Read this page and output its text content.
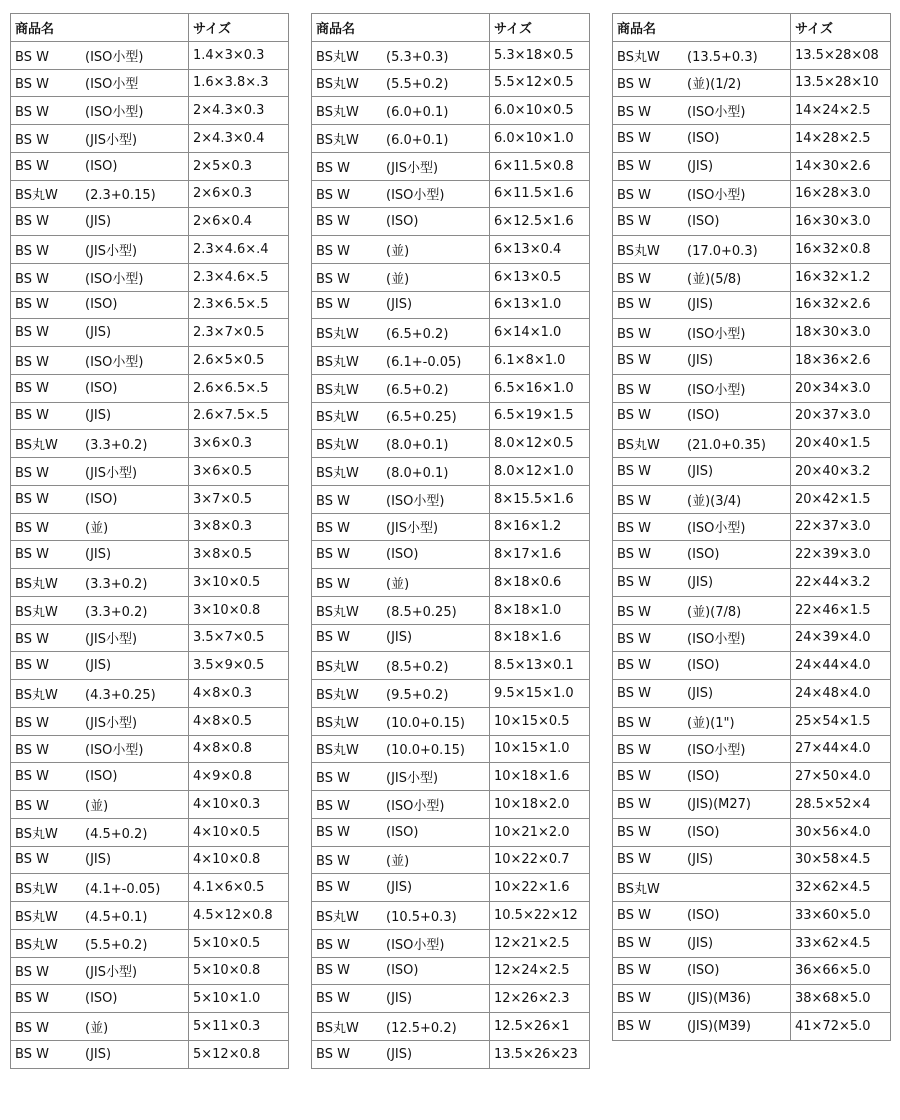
商品名	サイズ
BS W (ISO小型)	1.4×3×0.3
BS W (ISO小型	1.6×3.8×.3
BS W (ISO小型)	2×4.3×0.3
BS W (JIS小型)	2×4.3×0.4
BS W (ISO)	2×5×0.3
BS丸W (2.3+0.15)	2×6×0.3
BS W (JIS)	2×6×0.4
BS W (JIS小型)	2.3×4.6×.4
BS W (ISO小型)	2.3×4.6×.5
BS W (ISO)	2.3×6.5×.5
BS W (JIS)	2.3×7×0.5
BS W (ISO小型)	2.6×5×0.5
BS W (ISO)	2.6×6.5×.5
BS W (JIS)	2.6×7.5×.5
BS丸W (3.3+0.2)	3×6×0.3
BS W (JIS小型)	3×6×0.5
BS W (ISO)	3×7×0.5
BS W (並)	3×8×0.3
BS W (JIS)	3×8×0.5
BS丸W (3.3+0.2)	3×10×0.5
BS丸W (3.3+0.2)	3×10×0.8
BS W (JIS小型)	3.5×7×0.5
BS W (JIS)	3.5×9×0.5
BS丸W (4.3+0.25)	4×8×0.3
BS W (JIS小型)	4×8×0.5
BS W (ISO小型)	4×8×0.8
BS W (ISO)	4×9×0.8
BS W (並)	4×10×0.3
BS丸W (4.5+0.2)	4×10×0.5
BS W (JIS)	4×10×0.8
BS丸W (4.1+-0.05)	4.1×6×0.5
BS丸W (4.5+0.1)	4.5×12×0.8
BS丸W (5.5+0.2)	5×10×0.5
BS W (JIS小型)	5×10×0.8
BS W (ISO)	5×10×1.0
BS W (並)	5×11×0.3
BS W (JIS)	5×12×0.8
商品名	サイズ
BS丸W (5.3+0.3)	5.3×18×0.5
BS丸W (5.5+0.2)	5.5×12×0.5
BS丸W (6.0+0.1)	6.0×10×0.5
BS丸W (6.0+0.1)	6.0×10×1.0
BS W (JIS小型)	6×11.5×0.8
BS W (ISO小型)	6×11.5×1.6
BS W (ISO)	6×12.5×1.6
BS W (並)	6×13×0.4
BS W (並)	6×13×0.5
BS W (JIS)	6×13×1.0
BS丸W (6.5+0.2)	6×14×1.0
BS丸W (6.1+-0.05)	6.1×8×1.0
BS丸W (6.5+0.2)	6.5×16×1.0
BS丸W (6.5+0.25)	6.5×19×1.5
BS丸W (8.0+0.1)	8.0×12×0.5
BS丸W (8.0+0.1)	8.0×12×1.0
BS W (ISO小型)	8×15.5×1.6
BS W (JIS小型)	8×16×1.2
BS W (ISO)	8×17×1.6
BS W (並)	8×18×0.6
BS丸W (8.5+0.25)	8×18×1.0
BS W (JIS)	8×18×1.6
BS丸W (8.5+0.2)	8.5×13×0.1
BS丸W (9.5+0.2)	9.5×15×1.0
BS丸W (10.0+0.15)	10×15×0.5
BS丸W (10.0+0.15)	10×15×1.0
BS W (JIS小型)	10×18×1.6
BS W (ISO小型)	10×18×2.0
BS W (ISO)	10×21×2.0
BS W (並)	10×22×0.7
BS W (JIS)	10×22×1.6
BS丸W (10.5+0.3)	10.5×22×12
BS W (ISO小型)	12×21×2.5
BS W (ISO)	12×24×2.5
BS W (JIS)	12×26×2.3
BS丸W (12.5+0.2)	12.5×26×1
BS W (JIS)	13.5×26×23
商品名	サイズ
BS丸W (13.5+0.3)	13.5×28×08
BS W (並)(1/2)	13.5×28×10
BS W (ISO小型)	14×24×2.5
BS W (ISO)	14×28×2.5
BS W (JIS)	14×30×2.6
BS W (ISO小型)	16×28×3.0
BS W (ISO)	16×30×3.0
BS丸W (17.0+0.3)	16×32×0.8
BS W (並)(5/8)	16×32×1.2
BS W (JIS)	16×32×2.6
BS W (ISO小型)	18×30×3.0
BS W (JIS)	18×36×2.6
BS W (ISO小型)	20×34×3.0
BS W (ISO)	20×37×3.0
BS丸W (21.0+0.35)	20×40×1.5
BS W (JIS)	20×40×3.2
BS W (並)(3/4)	20×42×1.5
BS W (ISO小型)	22×37×3.0
BS W (ISO)	22×39×3.0
BS W (JIS)	22×44×3.2
BS W (並)(7/8)	22×46×1.5
BS W (ISO小型)	24×39×4.0
BS W (ISO)	24×44×4.0
BS W (JIS)	24×48×4.0
BS W (並)(1")	25×54×1.5
BS W (ISO小型)	27×44×4.0
BS W (ISO)	27×50×4.0
BS W (JIS)(M27)	28.5×52×4
BS W (ISO)	30×56×4.0
BS W (JIS)	30×58×4.5
BS丸W	32×62×4.5
BS W (ISO)	33×60×5.0
BS W (JIS)	33×62×4.5
BS W (ISO)	36×66×5.0
BS W (JIS)(M36)	38×68×5.0
BS W (JIS)(M39)	41×72×5.0
